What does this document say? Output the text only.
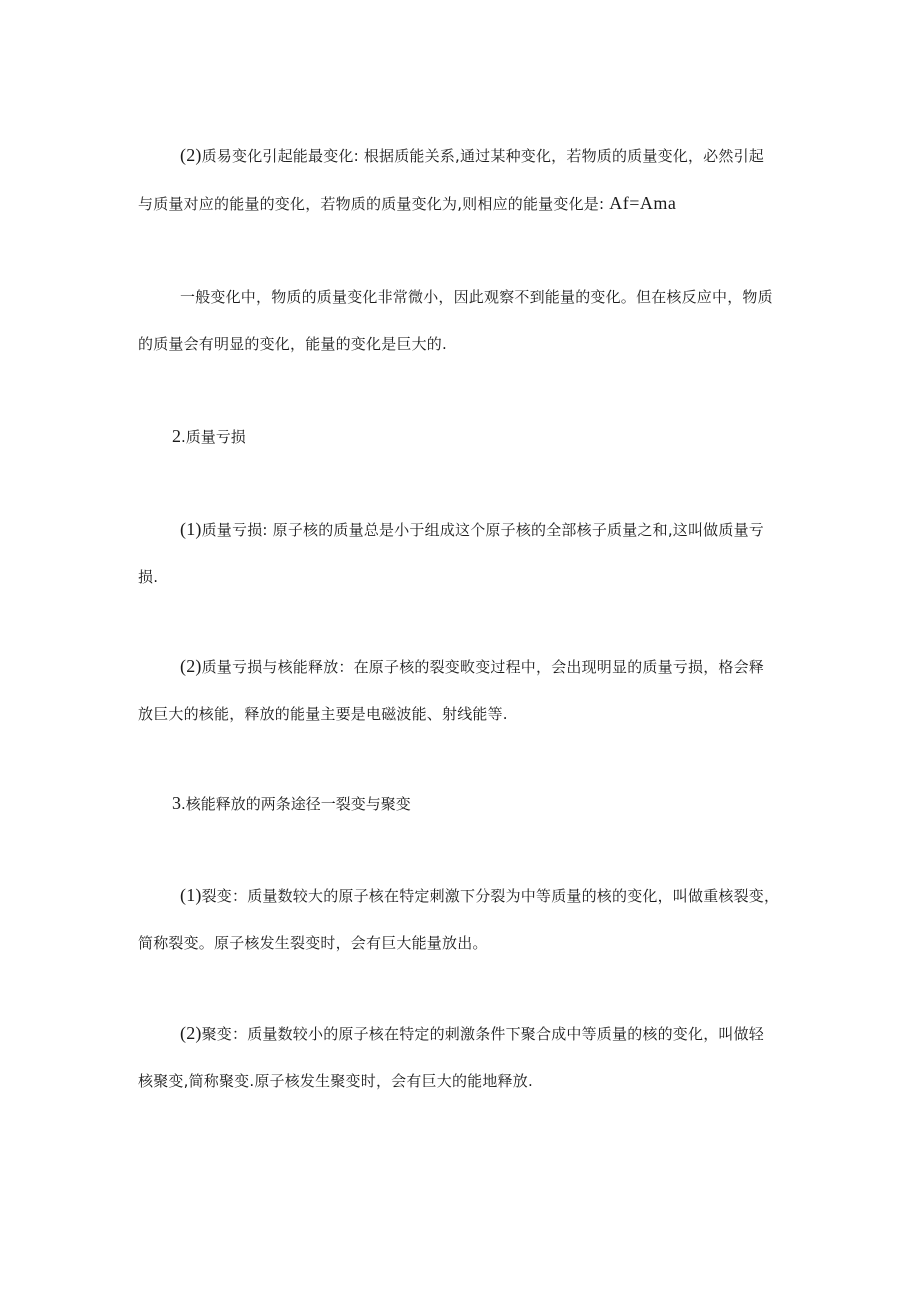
(2)质易变化引起能最变化: 根据质能关系,通过某种变化，若物质的质量变化，必然引起
与质量对应的能量的变化，若物质的质量变化为,则相应的能量变化是: Af=Ama
一般变化中，物质的质量变化非常微小，因此观察不到能量的变化。但在核反应中，物质
的质量会有明显的变化，能量的变化是巨大的.
2.质量亏损
(1)质量亏损: 原子核的质量总是小于组成这个原子核的全部核子质量之和,这叫做质量亏
损.
(2)质量亏损与核能释放：在原子核的裂变畋变过程中，会出现明显的质量亏损，格会释
放巨大的核能，释放的能量主要是电磁波能、射线能等.
3.核能释放的两条途径一裂变与聚变
(1)裂变：质量数较大的原子核在特定刺激下分裂为中等质量的核的变化，叫做重核裂变，
简称裂变。原子核发生裂变时，会有巨大能量放出。
(2)聚变：质量数较小的原子核在特定的刺激条件下聚合成中等质量的核的变化，叫做轻
核聚变,简称聚变.原子核发生聚变时，会有巨大的能地释放.
